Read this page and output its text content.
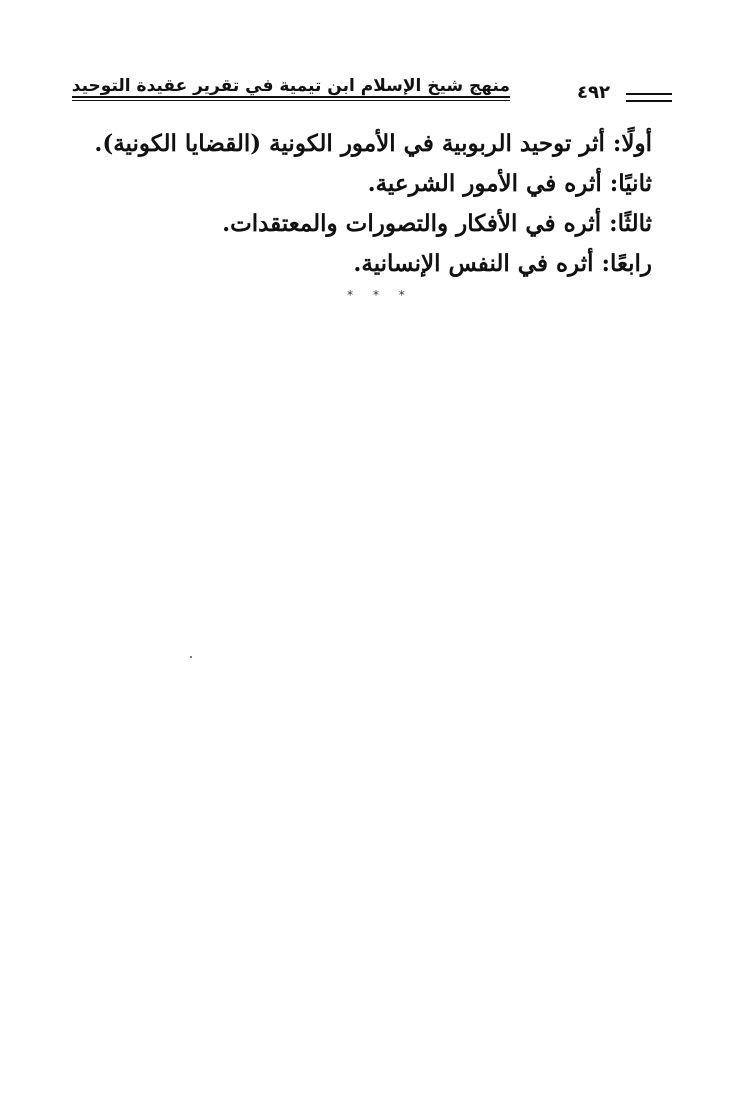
منهج شيخ الإسلام ابن تيمية في تقرير عقيدة التوحيد	٤٩٢
أولًا: أثر توحيد الربوبية في الأمور الكونية (القضايا الكونية).
ثانيًا: أثره في الأمور الشرعية.
ثالثًا: أثره في الأفكار والتصورات والمعتقدات.
رابعًا: أثره في النفس الإنسانية.
* * *
